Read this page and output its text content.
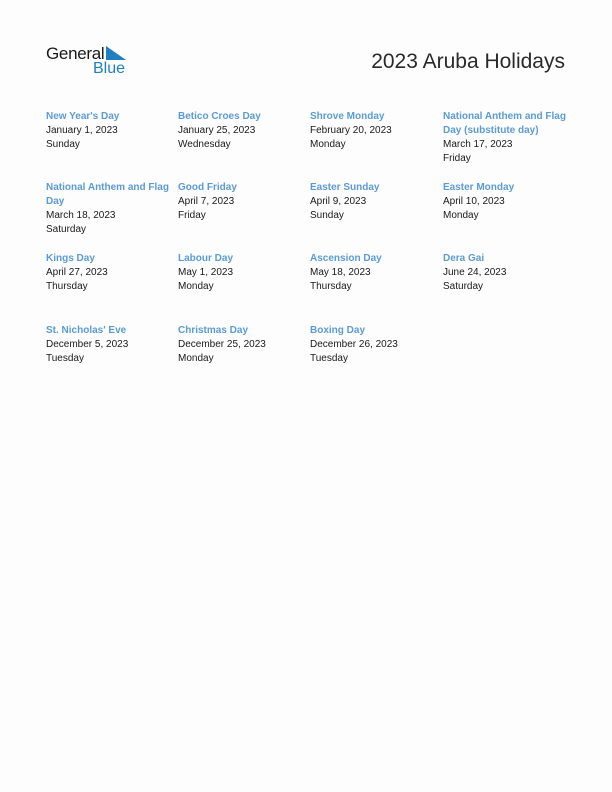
General
Blue	2023 Aruba Holidays
New Year's Day
January 1, 2023
Sunday
Betico Croes Day
January 25, 2023
Wednesday
Shrove Monday
February 20, 2023
Monday
National Anthem and Flag Day (substitute day)
March 17, 2023
Friday
National Anthem and Flag Day
March 18, 2023
Saturday
Good Friday
April 7, 2023
Friday
Easter Sunday
April 9, 2023
Sunday
Easter Monday
April 10, 2023
Monday
Kings Day
April 27, 2023
Thursday
Labour Day
May 1, 2023
Monday
Ascension Day
May 18, 2023
Thursday
Dera Gai
June 24, 2023
Saturday
St. Nicholas' Eve
December 5, 2023
Tuesday
Christmas Day
December 25, 2023
Monday
Boxing Day
December 26, 2023
Tuesday
